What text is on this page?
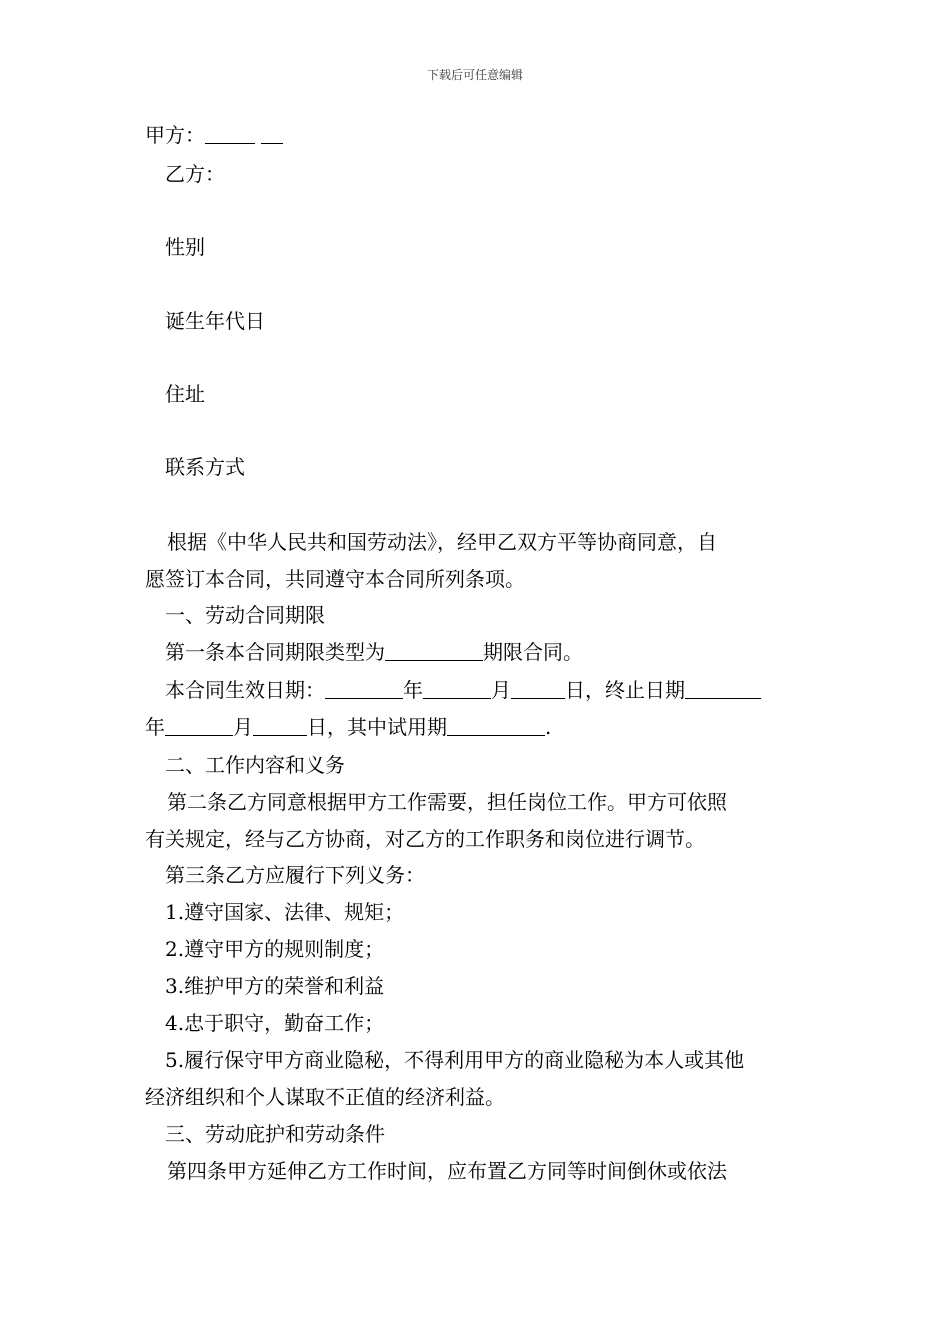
下载后可任意编辑
甲方：
乙方：
性别
诞生年代日
住址
联系方式
根据《中华人民共和国劳动法》，经甲乙双方平等协商同意，自
愿签订本合同，共同遵守本合同所列条项。
一、劳动合同期限
第一条本合同期限类型为	期限合同。
本合同生效日期：	年	月	日，终止日期
年	月	日，其中试用期	.
二、工作内容和义务
第二条乙方同意根据甲方工作需要，担任岗位工作。甲方可依照
有关规定，经与乙方协商，对乙方的工作职务和岗位进行调节。
第三条乙方应履行下列义务：
1.遵守国家、法律、规矩；
2.遵守甲方的规则制度；
3.维护甲方的荣誉和利益
4.忠于职守，勤奋工作；
5.履行保守甲方商业隐秘，不得利用甲方的商业隐秘为本人或其他
经济组织和个人谋取不正值的经济利益。
三、劳动庇护和劳动条件
第四条甲方延伸乙方工作时间，应布置乙方同等时间倒休或依法
